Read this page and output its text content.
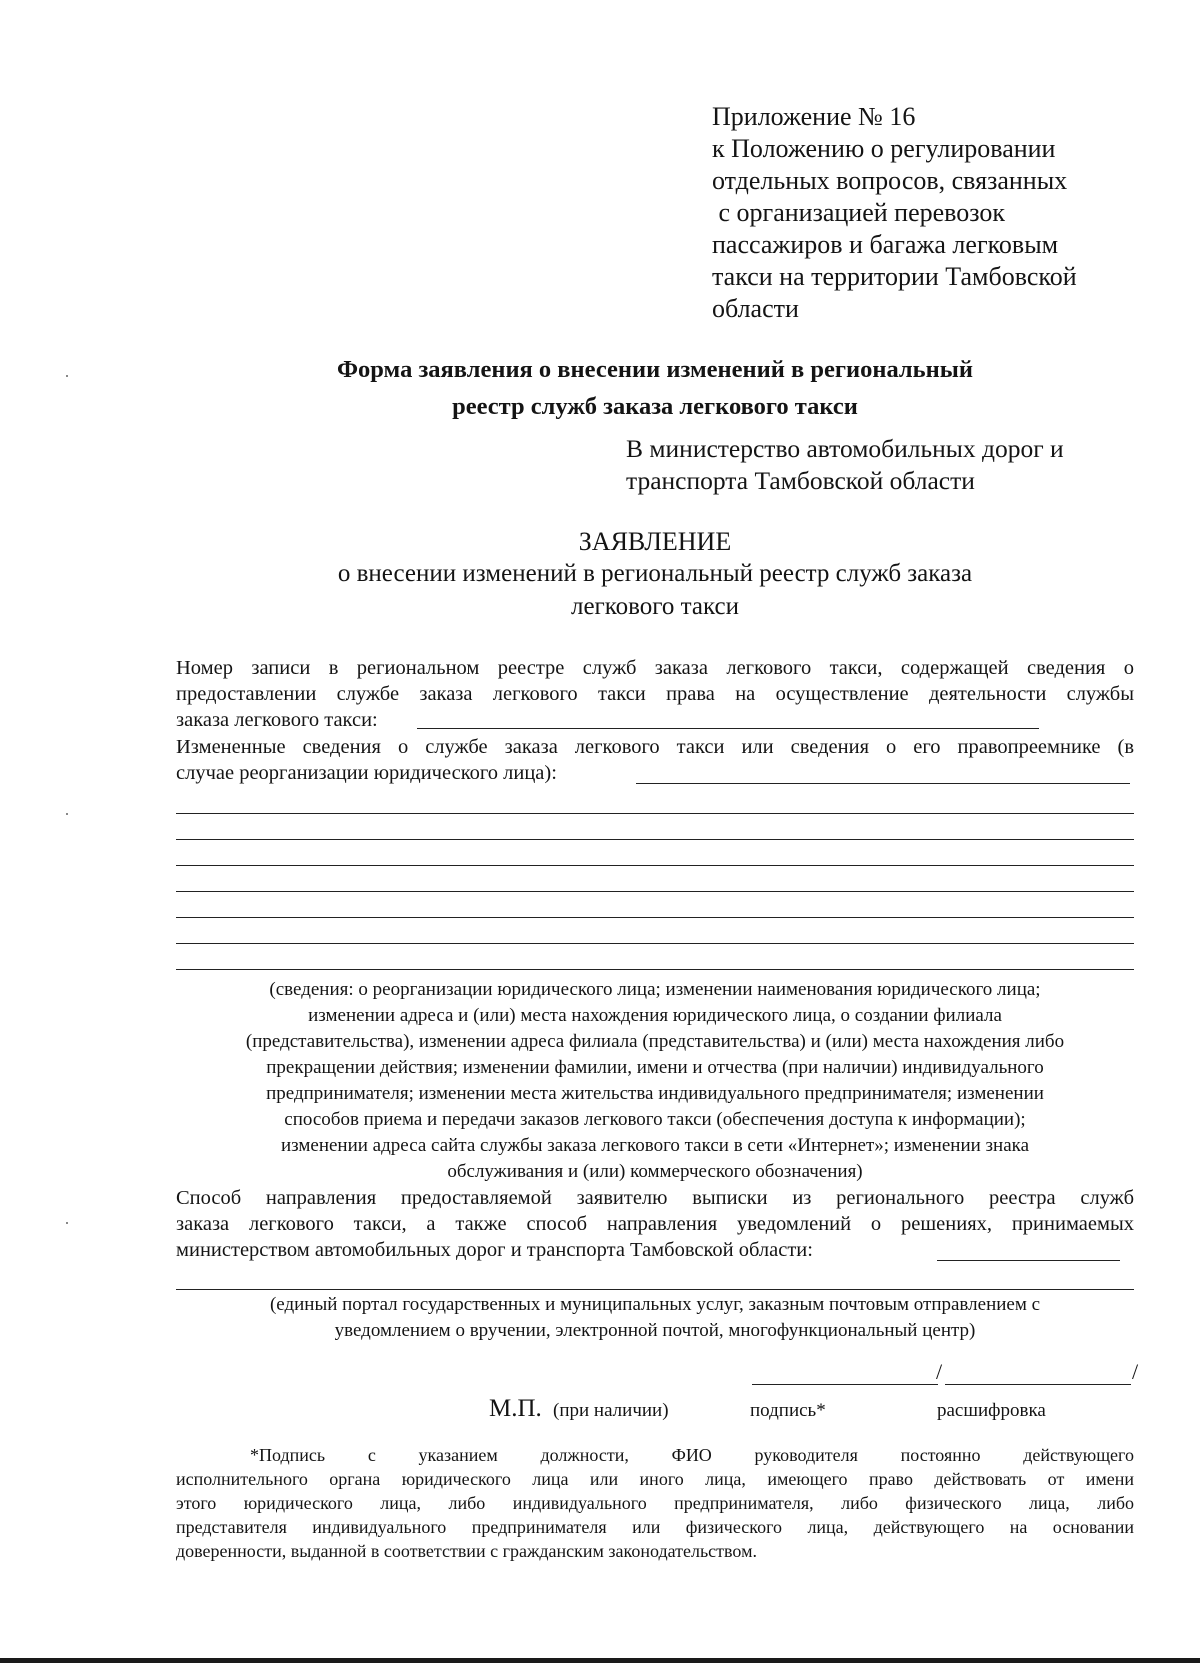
Приложение № 16
к Положению о регулировании
отдельных вопросов, связанных
с организацией перевозок
пассажиров и багажа легковым
такси на территории Тамбовской
области
Форма заявления о внесении изменений в региональный
реестр служб заказа легкового такси
В министерство автомобильных дорог и
транспорта Тамбовской области
ЗАЯВЛЕНИЕ
о внесении изменений в региональный реестр служб заказа
легкового такси
Номер записи в региональном реестре служб заказа легкового такси, содержащей сведения о
предоставлении службе заказа легкового такси права на осуществление деятельности службы
заказа легкового такси:
Измененные сведения о службе заказа легкового такси или сведения о его правопреемнике (в
случае реорганизации юридического лица):
(сведения: о реорганизации юридического лица; изменении наименования юридического лица;
изменении адреса и (или) места нахождения юридического лица, о создании филиала
(представительства), изменении адреса филиала (представительства) и (или) места нахождения либо
прекращении действия; изменении фамилии, имени и отчества (при наличии) индивидуального
предпринимателя; изменении места жительства индивидуального предпринимателя; изменении
способов приема и передачи заказов легкового такси (обеспечения доступа к информации);
изменении адреса сайта службы заказа легкового такси в сети «Интернет»; изменении знака
обслуживания и (или) коммерческого обозначения)
Способ направления предоставляемой заявителю выписки из регионального реестра служб
заказа легкового такси, а также способ направления уведомлений о решениях, принимаемых
министерством автомобильных дорог и транспорта Тамбовской области:
(единый портал государственных и муниципальных услуг, заказным почтовым отправлением с
уведомлением о вручении, электронной почтой, многофункциональный центр)
/	/
М.П. (при наличии)	подпись*	расшифровка
*Подпись с указанием должности, ФИО руководителя постоянно действующего
исполнительного органа юридического лица или иного лица, имеющего право действовать от имени
этого юридического лица, либо индивидуального предпринимателя, либо физического лица, либо
представителя индивидуального предпринимателя или физического лица, действующего на основании
доверенности, выданной в соответствии с гражданским законодательством.
